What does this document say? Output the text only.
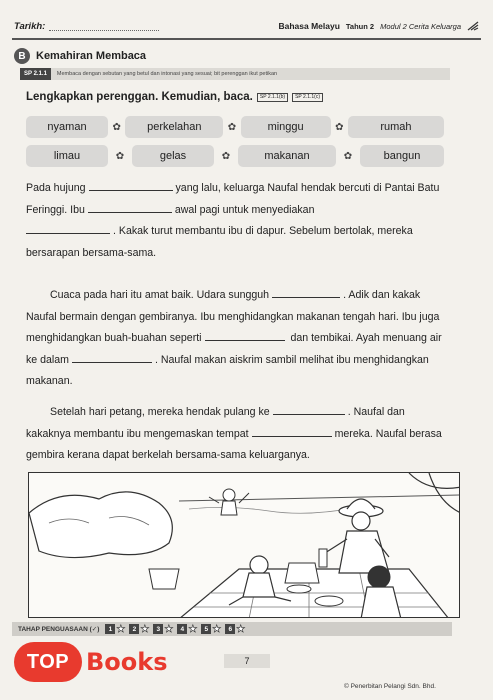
Tarikh:	Bahasa Melayu Tahun 2 Modul 2 Cerita Keluarga
B Kemahiran Membaca
SP 2.1.1	Membaca dengan sebutan yang betul dan intonasi yang sesuai; bit perenggan ikut petikan
Lengkapkan perenggan. Kemudian, baca.	SP 2.1.1(b)	SP 2.1.1(c)
nyaman	✿	perkelahan	✿	minggu	✿	rumah
limau	✿	gelas	✿	makanan	✿	bangun
Pada hujung	yang lalu, keluarga Naufal hendak bercuti di Pantai Batu Feringgi. Ibu	awal pagi untuk menyediakan
. Kakak turut membantu ibu di dapur. Sebelum bertolak, mereka bersarapan bersama-sama.
Cuaca pada hari itu amat baik. Udara sungguh	. Adik dan kakak Naufal bermain dengan gembiranya. Ibu menghidangkan makanan tengah hari. Ibu juga menghidangkan buah-buahan seperti	dan tembikai. Ayah menuang air ke dalam	. Naufal makan aiskrim sambil melihat ibu menghidangkan makanan.
Setelah hari petang, mereka hendak pulang ke	. Naufal dan kakaknya membantu ibu mengemaskan tempat	mereka. Naufal berasa gembira kerana dapat berkelah bersama-sama keluarganya.
TAHAP PENGUASAAN (✓)	1 ★	2 ★	3 ★	4 ★	5 ★	6 ★
7
© Penerbitan Pelangi Sdn. Bhd.
TOP Books
